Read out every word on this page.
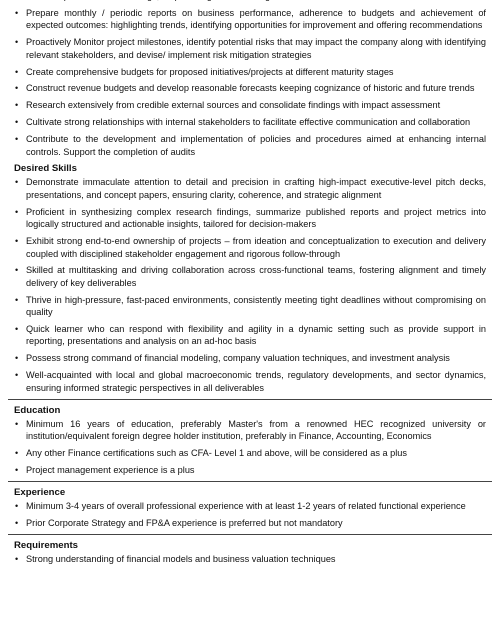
• Prepare monthly / periodic reports on business performance, adherence to budgets and achievement of expected outcomes: highlighting trends, identifying opportunities for improvement and offering recommendations
• Proactively Monitor project milestones, identify potential risks that may impact the company along with identifying relevant stakeholders, and devise/ implement risk mitigation strategies
• Create comprehensive budgets for proposed initiatives/projects at different maturity stages
• Construct revenue budgets and develop reasonable forecasts keeping cognizance of historic and future trends
• Research extensively from credible external sources and consolidate findings with impact assessment
• Cultivate strong relationships with internal stakeholders to facilitate effective communication and collaboration
• Contribute to the development and implementation of policies and procedures aimed at enhancing internal controls. Support the completion of audits
Desired Skills
• Demonstrate immaculate attention to detail and precision in crafting high-impact executive-level pitch decks, presentations, and concept papers, ensuring clarity, coherence, and strategic alignment
• Proficient in synthesizing complex research findings, summarize published reports and project metrics into logically structured and actionable insights, tailored for decision-makers
• Exhibit strong end-to-end ownership of projects – from ideation and conceptualization to execution and delivery coupled with disciplined stakeholder engagement and rigorous follow-through
• Skilled at multitasking and driving collaboration across cross-functional teams, fostering alignment and timely delivery of key deliverables
• Thrive in high-pressure, fast-paced environments, consistently meeting tight deadlines without compromising on quality
• Quick learner who can respond with flexibility and agility in a dynamic setting such as provide support in reporting, presentations and analysis on an ad-hoc basis
• Possess strong command of financial modeling, company valuation techniques, and investment analysis
• Well-acquainted with local and global macroeconomic trends, regulatory developments, and sector dynamics, ensuring informed strategic perspectives in all deliverables
Education
• Minimum 16 years of education, preferably Master's from a renowned HEC recognized university or institution/equivalent foreign degree holder institution, preferably in Finance, Accounting, Economics
• Any other Finance certifications such as CFA- Level 1 and above, will be considered as a plus
• Project management experience is a plus
Experience
• Minimum 3-4 years of overall professional experience with at least 1-2 years of related functional experience
• Prior Corporate Strategy and FP&A experience is preferred but not mandatory
Requirements
• Strong understanding of financial models and business valuation techniques
